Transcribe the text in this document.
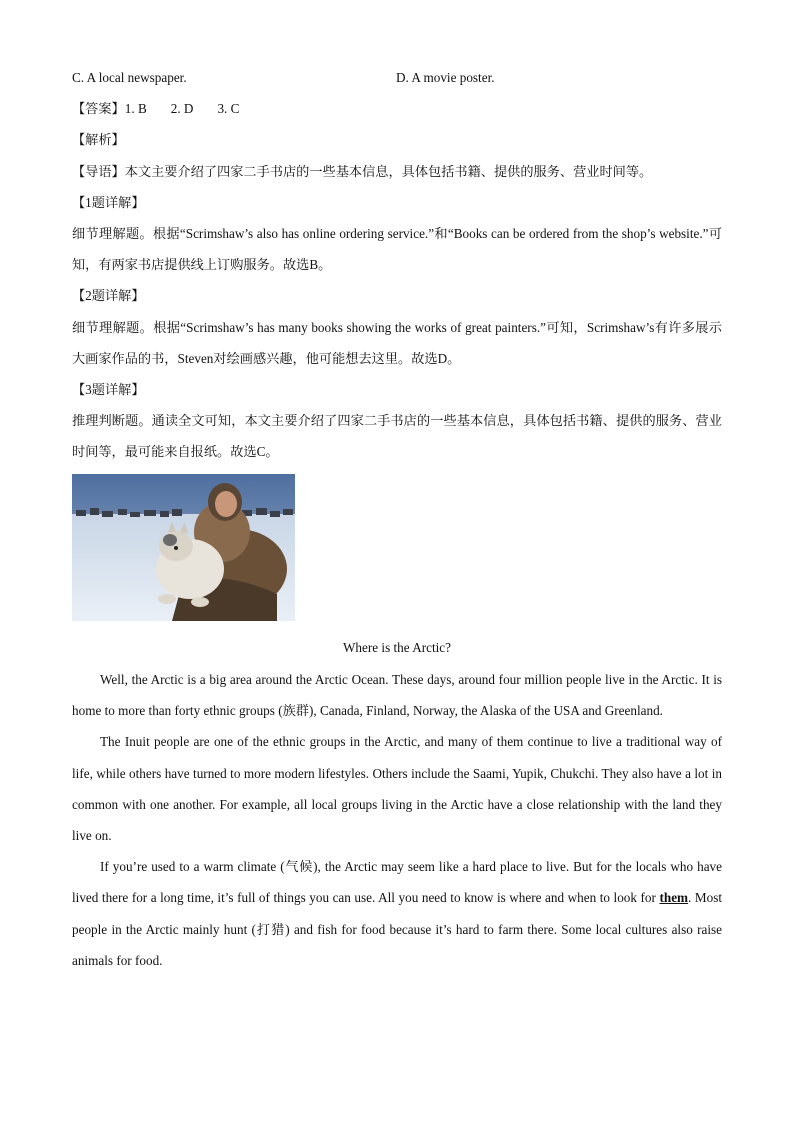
C. A local newspaper.	D. A movie poster.
【答案】1. B 2. D 3. C
【解析】
【导语】本文主要介绍了四家二手书店的一些基本信息，具体包括书籍、提供的服务、营业时间等。
【1题详解】
细节理解题。根据“Scrimshaw’s also has online ordering service.”和“Books can be ordered from the shop’s website.”可知，有两家书店提供线上订购服务。故选B。
【2题详解】
细节理解题。根据“Scrimshaw’s has many books showing the works of great painters.”可知，Scrimshaw’s有许多展示大画家作品的书，Steven对绘画感兴趣，他可能想去这里。故选D。
【3题详解】
推理判断题。通读全文可知，本文主要介绍了四家二手书店的一些基本信息，具体包括书籍、提供的服务、营业时间等，最可能来自报纸。故选C。
Where is the Arctic?
Well, the Arctic is a big area around the Arctic Ocean. These days, around four million people live in the Arctic. It is home to more than forty ethnic groups (族群), Canada, Finland, Norway, the Alaska of the USA and Greenland.
The Inuit people are one of the ethnic groups in the Arctic, and many of them continue to live a traditional way of life, while others have turned to more modern lifestyles. Others include the Saami, Yupik, Chukchi. They also have a lot in common with one another. For example, all local groups living in the Arctic have a close relationship with the land they live on.
If you’re used to a warm climate (气候), the Arctic may seem like a hard place to live. But for the locals who have lived there for a long time, it’s full of things you can use. All you need to know is where and when to look for them. Most people in the Arctic mainly hunt (打猎) and fish for food because it’s hard to farm there. Some local cultures also raise animals for food.
